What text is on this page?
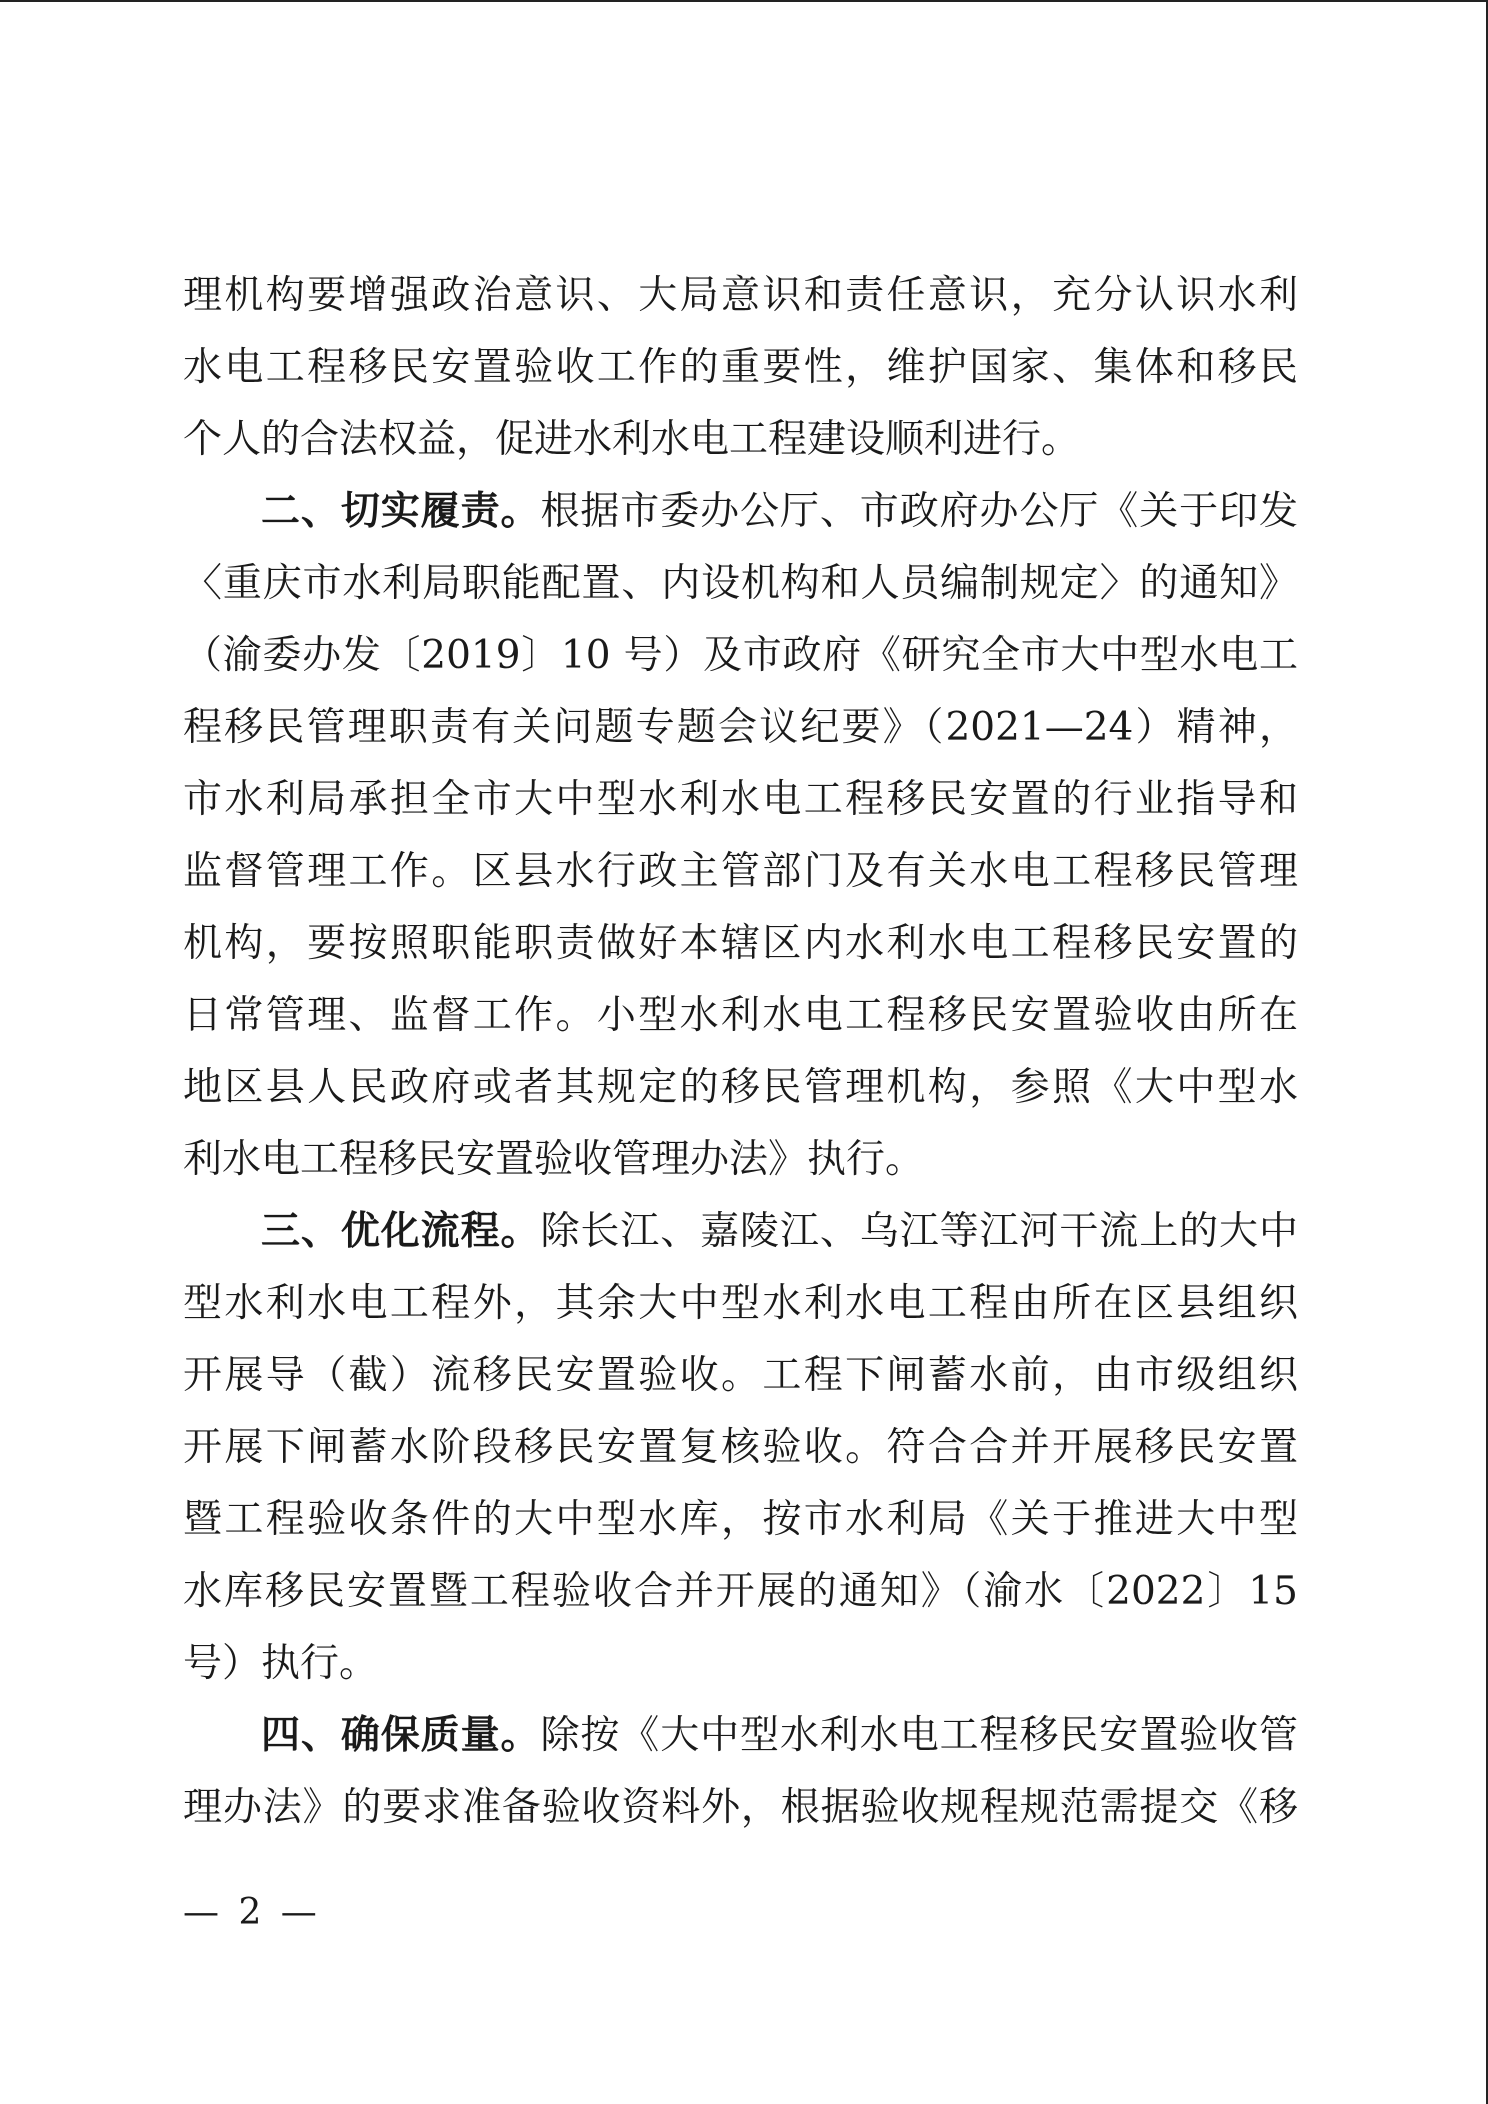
理机构要增强政治意识、大局意识和责任意识，充分认识水利
水电工程移民安置验收工作的重要性，维护国家、集体和移民
个人的合法权益，促进水利水电工程建设顺利进行。
二、切实履责。根据市委办公厅、市政府办公厅《关于印发
〈重庆市水利局职能配置、内设机构和人员编制规定〉的通知》
（渝委办发〔2019〕10 号）及市政府《研究全市大中型水电工
程移民管理职责有关问题专题会议纪要》（2021—24）精神，
市水利局承担全市大中型水利水电工程移民安置的行业指导和
监督管理工作。区县水行政主管部门及有关水电工程移民管理
机构，要按照职能职责做好本辖区内水利水电工程移民安置的
日常管理、监督工作。小型水利水电工程移民安置验收由所在
地区县人民政府或者其规定的移民管理机构，参照《大中型水
利水电工程移民安置验收管理办法》执行。
三、优化流程。除长江、嘉陵江、乌江等江河干流上的大中
型水利水电工程外，其余大中型水利水电工程由所在区县组织
开展导（截）流移民安置验收。工程下闸蓄水前，由市级组织
开展下闸蓄水阶段移民安置复核验收。符合合并开展移民安置
暨工程验收条件的大中型水库，按市水利局《关于推进大中型
水库移民安置暨工程验收合并开展的通知》（渝水〔2022〕15
号）执行。
四、确保质量。除按《大中型水利水电工程移民安置验收管
理办法》的要求准备验收资料外，根据验收规程规范需提交《移
— 2 —
